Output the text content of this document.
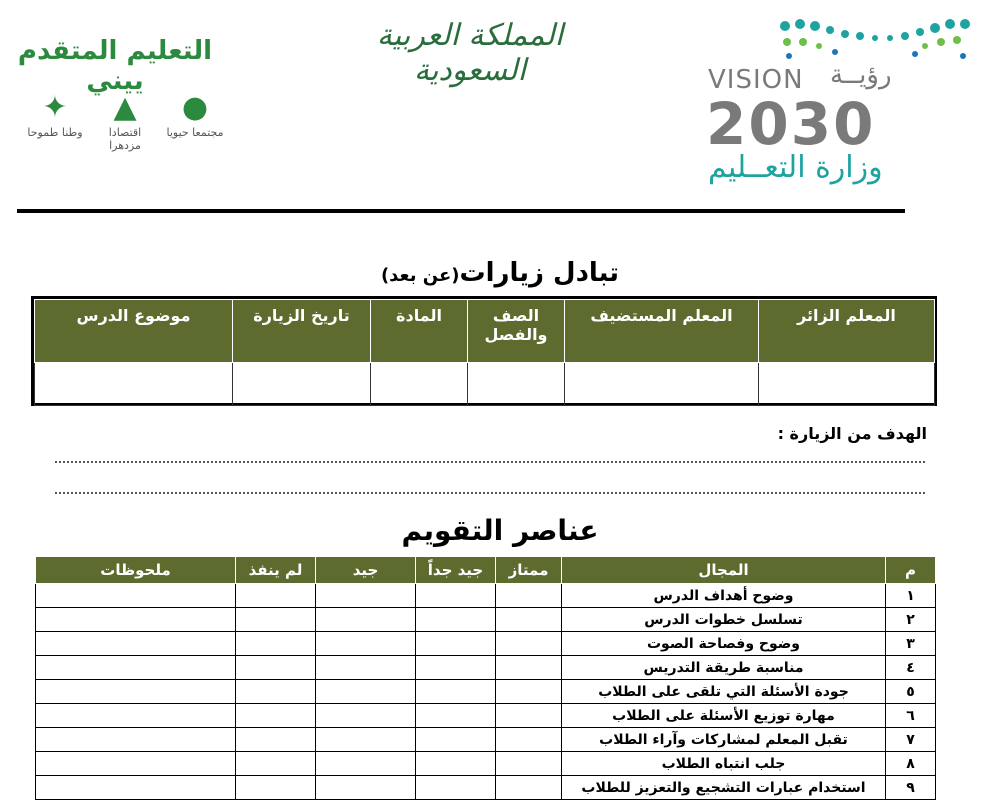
VISION رؤيــة
2030
وزارة التعــليم
المملكة العربية السعودية
التعليم المتقدم ييني
✦
وطنا طموحا
▲
اقتصادا مزدهرا
●
مجتمعا حيويا
تبادل زيارات(عن بعد)
المعلم الزائر	المعلم المستضيف	الصف والفصل	المادة	تاريخ الزيارة	موضوع الدرس

الهدف من الزيارة :
عناصر التقويم
م	المجال	ممتاز	جيد جداً	جيد	لم ينفذ	ملحوظات
١	وضوح أهداف الدرس					
٢	تسلسل خطوات الدرس					
٣	وضوح وفصاحة الصوت					
٤	مناسبة طريقة التدريس					
٥	جودة الأسئلة التي تلقى على الطلاب					
٦	مهارة توزيع الأسئلة على الطلاب					
٧	تقبل المعلم لمشاركات وآراء الطلاب					
٨	جلب انتباه الطلاب					
٩	استخدام عبارات التشجيع والتعزيز للطلاب					
